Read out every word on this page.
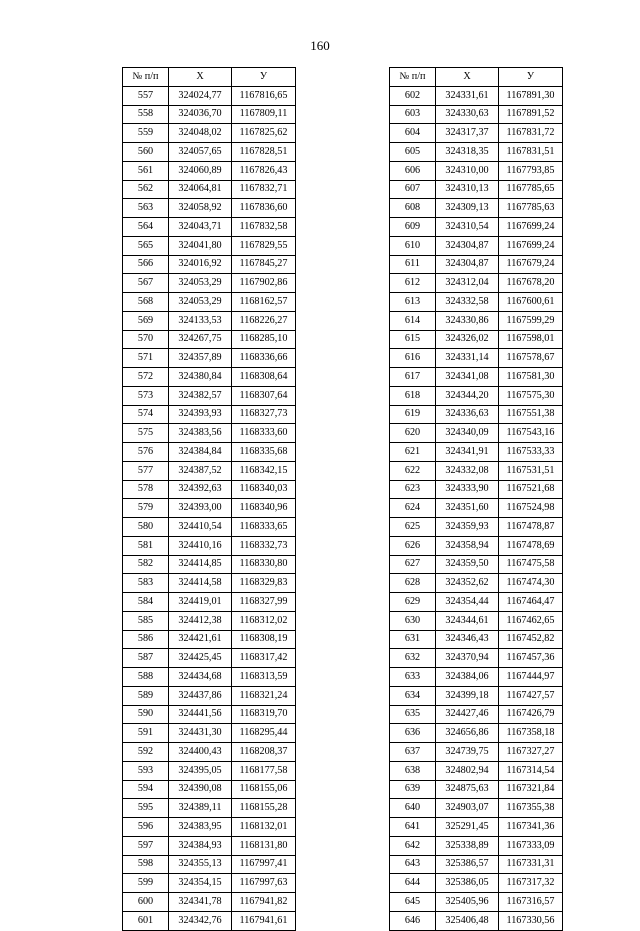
160
№ п/п	Х	У
557	324024,77	1167816,65
558	324036,70	1167809,11
559	324048,02	1167825,62
560	324057,65	1167828,51
561	324060,89	1167826,43
562	324064,81	1167832,71
563	324058,92	1167836,60
564	324043,71	1167832,58
565	324041,80	1167829,55
566	324016,92	1167845,27
567	324053,29	1167902,86
568	324053,29	1168162,57
569	324133,53	1168226,27
570	324267,75	1168285,10
571	324357,89	1168336,66
572	324380,84	1168308,64
573	324382,57	1168307,64
574	324393,93	1168327,73
575	324383,56	1168333,60
576	324384,84	1168335,68
577	324387,52	1168342,15
578	324392,63	1168340,03
579	324393,00	1168340,96
580	324410,54	1168333,65
581	324410,16	1168332,73
582	324414,85	1168330,80
583	324414,58	1168329,83
584	324419,01	1168327,99
585	324412,38	1168312,02
586	324421,61	1168308,19
587	324425,45	1168317,42
588	324434,68	1168313,59
589	324437,86	1168321,24
590	324441,56	1168319,70
591	324431,30	1168295,44
592	324400,43	1168208,37
593	324395,05	1168177,58
594	324390,08	1168155,06
595	324389,11	1168155,28
596	324383,95	1168132,01
597	324384,93	1168131,80
598	324355,13	1167997,41
599	324354,15	1167997,63
600	324341,78	1167941,82
601	324342,76	1167941,61
№ п/п	Х	У
602	324331,61	1167891,30
603	324330,63	1167891,52
604	324317,37	1167831,72
605	324318,35	1167831,51
606	324310,00	1167793,85
607	324310,13	1167785,65
608	324309,13	1167785,63
609	324310,54	1167699,24
610	324304,87	1167699,24
611	324304,87	1167679,24
612	324312,04	1167678,20
613	324332,58	1167600,61
614	324330,86	1167599,29
615	324326,02	1167598,01
616	324331,14	1167578,67
617	324341,08	1167581,30
618	324344,20	1167575,30
619	324336,63	1167551,38
620	324340,09	1167543,16
621	324341,91	1167533,33
622	324332,08	1167531,51
623	324333,90	1167521,68
624	324351,60	1167524,98
625	324359,93	1167478,87
626	324358,94	1167478,69
627	324359,50	1167475,58
628	324352,62	1167474,30
629	324354,44	1167464,47
630	324344,61	1167462,65
631	324346,43	1167452,82
632	324370,94	1167457,36
633	324384,06	1167444,97
634	324399,18	1167427,57
635	324427,46	1167426,79
636	324656,86	1167358,18
637	324739,75	1167327,27
638	324802,94	1167314,54
639	324875,63	1167321,84
640	324903,07	1167355,38
641	325291,45	1167341,36
642	325338,89	1167333,09
643	325386,57	1167331,31
644	325386,05	1167317,32
645	325405,96	1167316,57
646	325406,48	1167330,56
